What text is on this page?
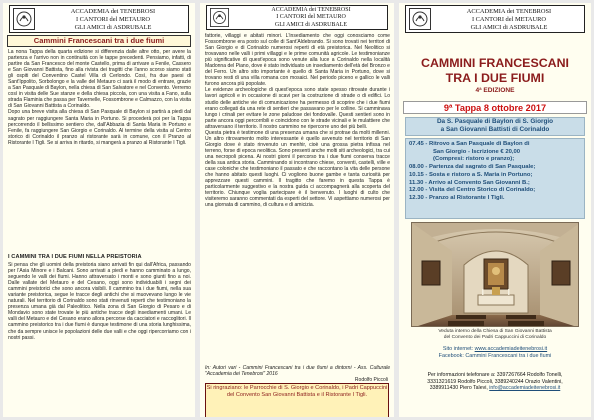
ACCADEMIA dei TENEBROSI
I CANTORI del METAURO
GLI AMICI di ASDRUBALE
Cammini Francescani tra i due fiumi

La nona Tappa della quarta edizione si differenzia dalle altre otto, per avere la partenza e l'arrivo non in continuità con le tappe precedenti. Pensiamo, infatti, di partire da San Francesco del monte Castello, prima di arrivare a Fenile, Cassero e San Giovanni Battista, fino alla rivista dei tragitti che l'anno scorso siamo stati gli ospiti del Conventino Castel Villa di Cerlondo. Così, fra due paesi di Sant'Ippolito, Sorbolongo e la valle del Metauro ci sarà il modo di entrare, grazie a San Pasquale di Baylon, nella chiesa di San Salvatore e nel Convento. Verremo così in visita delle Sue stanze e della chiesa piccola, con una visita a Fano, sulla strada Flaminia che passa per Tavernelle, Fossombrone e Calmazzo, con la visita di San Giovanni Battista a Corinaldo.

Dopo una breve visita alla chiesa di San Pasquale di Baylon si partirà a piedi dal sagrato per raggiungere Santa Maria in Portuno. Si procederà poi per la Tappa percorrendo il bellissimo sentiero che, dall'Abbazia di Santa Maria in Portuno e Fenile, fa raggiungere San Giorgio e Corinaldo. Al termine della visita al Centro storico di Corinaldo il pranzo al ristorante sarà in comune, con il Pranzo al Ristorante I Tigli. Se si arriva in ritardo, si mangerà a pranzo al Ristorante I Tigli.

I CAMMINI TRA I DUE FIUMI NELLA PREISTORIA

Si pensa che gli uomini della preistoria siano arrivati fin qui dall'Africa, passando per l'Asia Minore e i Balcani. Sono arrivati a piedi e hanno camminato a lungo, seguendo le valli dei fiumi. Hanno attraversato i monti e sono giunti fino a noi. Dalle vallate del Metauro e del Cesano, oggi sono individuabili i segni dei cammini preistorici che sono ancora visibili. Il cammino tra i due fiumi, nella sua variante preistorica, segue le tracce degli antichi che si muovevano lungo le vie naturali. Nel territorio di Corinaldo sono stati rinvenuti reperti che testimoniano la presenza umana già dal Paleolitico. Nella zona di San Giorgio di Pesaro e di Mondavio sono state trovate le più antiche tracce degli insediamenti umani. Le valli del Metauro e del Cesano erano allora percorse da cacciatori e raccoglitori. Il cammino preistorico tra i due fiumi è dunque testimone di una storia lunghissima, che da sempre unisce le popolazioni delle due valli e che oggi ripercorriamo con i nostri passi.

ACCADEMIA dei TENEBROSI
I CANTORI del METAURO
GLI AMICI di ASDRUBALE

fattorie, villaggi e abitati minori. L'insediamento che oggi conosciamo come Fossombrone era posto sul colle di Sant'Aldebrando. Si sono trovati nei territori di San Giorgio e di Corinaldo numerosi reperti di età preistorica. Nel Neolitico si trovavano nelle valli i primi villaggi e le prime comunità agricole. Le testimonianze più significative di quest'epoca sono venute alla luce a Corinaldo nella località Madonna del Piano, dove è stato individuato un insediamento dell'età del Bronzo e del Ferro. Un altro sito importante è quello di Santa Maria in Portuno, dove si trovano resti di una villa romana con mosaici. Nel periodo piceno e gallico le valli furono ancora più popolate.

Le evidenze archeologiche di quest'epoca sono state spesso ritrovate durante i lavori agricoli e in occasione di scavi per la costruzione di strade o di edifici. Lo studio delle antiche vie di comunicazione ha permesso di scoprire che i due fiumi erano collegati da una rete di sentieri che passavano per le colline. Si camminava lungo i crinali per evitare le zone paludose dei fondovalle. Questi sentieri sono in parte ancora oggi percorribili e coincidono con le strade vicinali e le mulattiere che attraversano il territorio. Il nostro cammino ne ripercorre uno dei più belli.

Questa pietra è testimone di una presenza umana che si protrae da molti millenni. Un altro ritrovamento molto interessante è quello avvenuto nel territorio di San Giorgio dove è stato rinvenuto un menhir, cioè una grossa pietra infissa nel terreno, forse di epoca neolitica. Sono presenti anche molti siti archeologici, tra cui una necropoli picena. Ai nostri giorni il percorso tra i due fiumi conserva tracce della sua antica storia. Camminando si incontrano chiese, conventi, castelli, ville e case coloniche che testimoniano il passato e che raccontano la vita delle persone che hanno abitato questi luoghi. Ci vogliono buone gambe e tanta curiosità per apprezzare questi cammini. Il tragitto che faremo in questa Tappa è particolarmente suggestivo e la nostra guida ci accompagnerà alla scoperta del territorio. Chiunque voglia partecipare è il benvenuto. I luoghi di culto che visiteremo saranno commentati da esperti del settore. Vi aspettiamo numerosi per una giornata di cammino, di cultura e di amicizia.

In: Autori vari - Cammini Francescani tra i due fiumi a dintorni - Ass. Culturale "Accademia dei Tenebrosi" 2016
Rodolfo Piccoli
Si ringraziano: le Parrocchie di S. Giorgio e Corinaldo, i Padri Cappuccini del Convento San Giovanni Battista e il Ristorante I Tigli.
ACCADEMIA dei TENEBROSI
I CANTORI del METAURO
GLI AMICI di ASDRUBALE
CAMMINI FRANCESCANI
TRA I DUE FIUMI
4ª EDIZIONE
9ª Tappa 8 ottobre 2017
Da S. Pasquale di Baylon di S. Giorgio
a San Giovanni Battisti di Corinaldo
07.45 - Ritrovo a San Pasquale di Baylon di
San Giorgio - Iscrizione € 20,00
(Compresi: ristoro e pranzo);
08.00 - Partenza dal sagrato di San Pasquale;
10.15 - Sosta e ristoro a S. Maria in Portuno;
11.30 - Arrivo al Convento San Giovanni B.;
12.00 - Visita del Centro Storico di Corinaldo;
12.30 - Pranzo al Ristorante I Tigli.
Veduta interno della Chiesa di San Giovanni Battista
del Convento dei Padri Cappuccini di Corinaldo
Sito internet: www.accademiadeitenebrosi.it
Facebook: Cammini Francescani tra i due fiumi
Per informazioni telefonare a: 3397267664 Rodolfo Tonelli,
3331321619 Rodolfo Piccoli, 3389240244 Orazio Valentini,
3389911430 Piero Talevi, info@accademiadeitenebrosi.it
